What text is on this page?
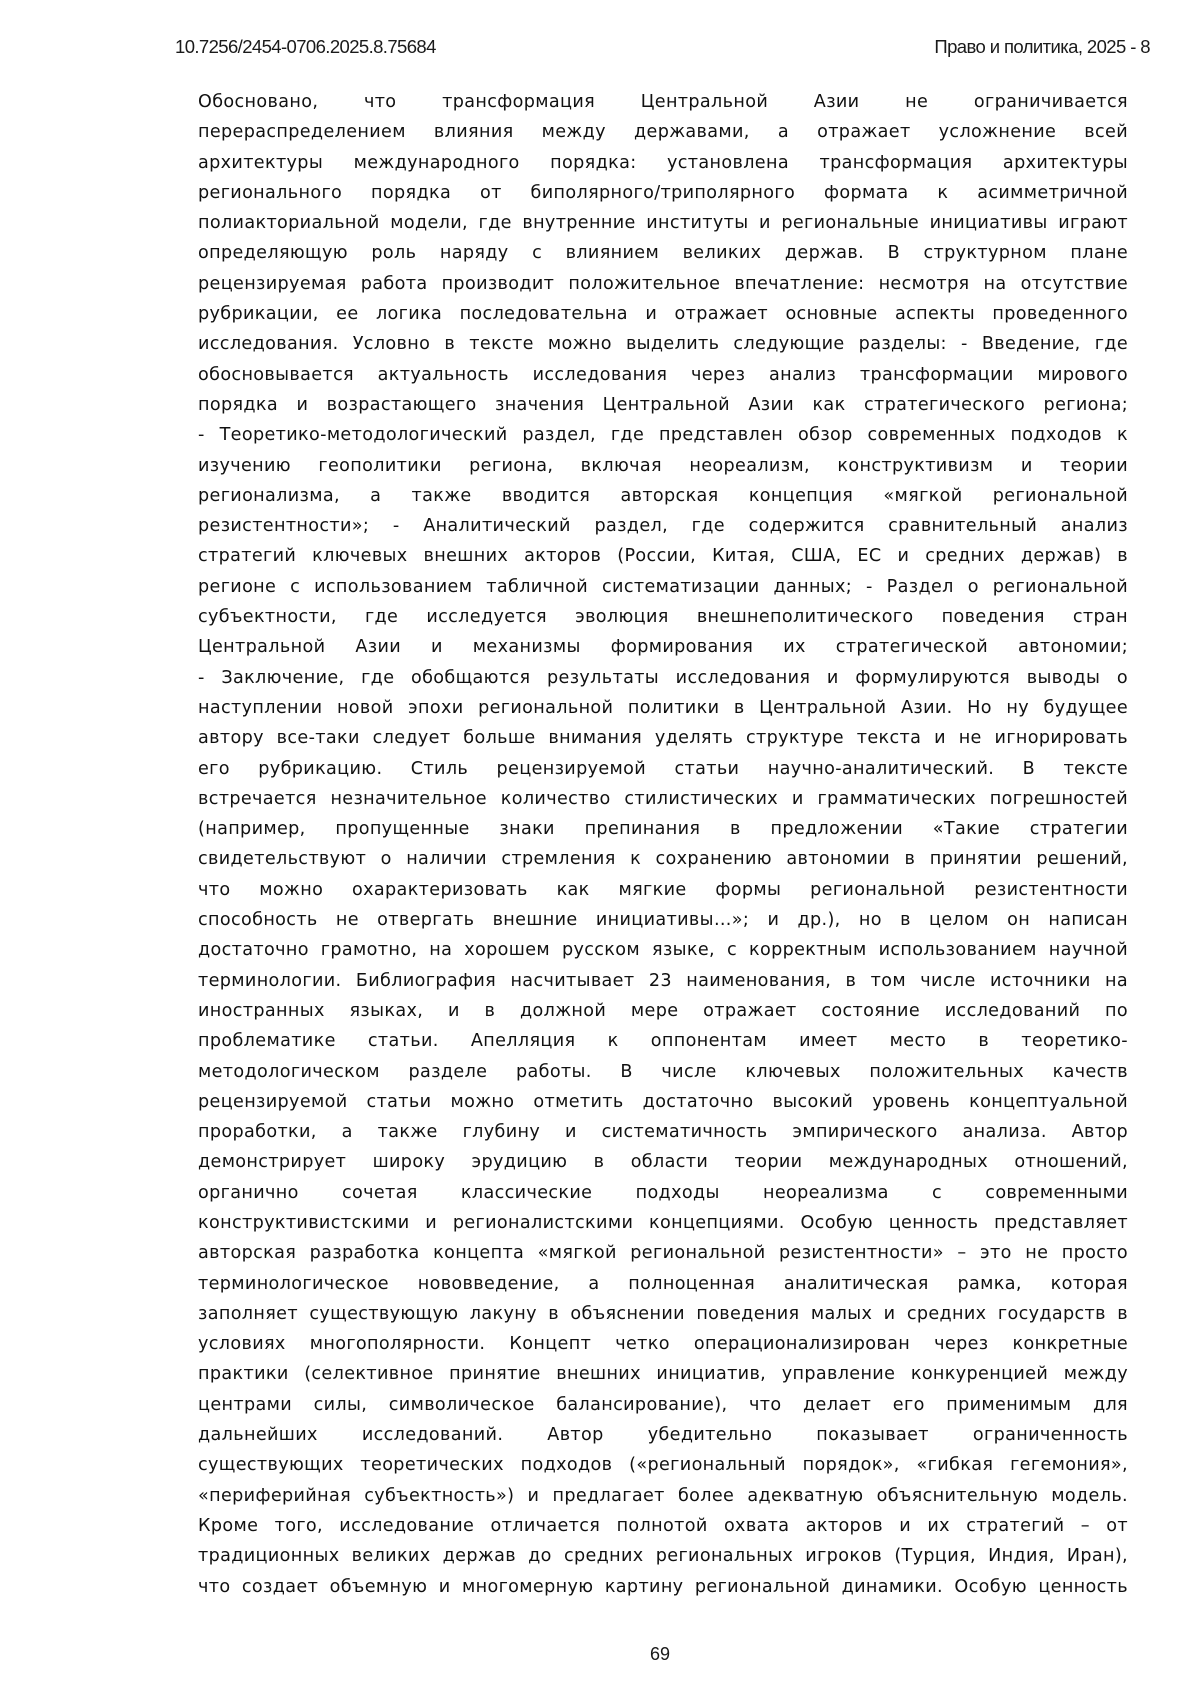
10.7256/2454-0706.2025.8.75684	Право и политика, 2025 - 8
Обосновано, что трансформация Центральной Азии не ограничивается
перераспределением влияния между державами, а отражает усложнение всей
архитектуры международного порядка: установлена трансформация архитектуры
регионального порядка от биполярного/триполярного формата к асимметричной
полиакториальной модели, где внутренние институты и региональные инициативы играют
определяющую роль наряду с влиянием великих держав. В структурном плане
рецензируемая работа производит положительное впечатление: несмотря на отсутствие
рубрикации, ее логика последовательна и отражает основные аспекты проведенного
исследования. Условно в тексте можно выделить следующие разделы: - Введение, где
обосновывается актуальность исследования через анализ трансформации мирового
порядка и возрастающего значения Центральной Азии как стратегического региона;
- Теоретико-методологический раздел, где представлен обзор современных подходов к
изучению геополитики региона, включая неореализм, конструктивизм и теории
регионализма, а также вводится авторская концепция «мягкой региональной
резистентности»; - Аналитический раздел, где содержится сравнительный анализ
стратегий ключевых внешних акторов (России, Китая, США, ЕС и средних держав) в
регионе с использованием табличной систематизации данных; - Раздел о региональной
субъектности, где исследуется эволюция внешнеполитического поведения стран
Центральной Азии и механизмы формирования их стратегической автономии;
- Заключение, где обобщаются результаты исследования и формулируются выводы о
наступлении новой эпохи региональной политики в Центральной Азии. Но ну будущее
автору все-таки следует больше внимания уделять структуре текста и не игнорировать
его рубрикацию. Стиль рецензируемой статьи научно-аналитический. В тексте
встречается незначительное количество стилистических и грамматических погрешностей
(например, пропущенные знаки препинания в предложении «Такие стратегии
свидетельствуют о наличии стремления к сохранению автономии в принятии решений,
что можно охарактеризовать как мягкие формы региональной резистентности
способность не отвергать внешние инициативы…»; и др.), но в целом он написан
достаточно грамотно, на хорошем русском языке, с корректным использованием научной
терминологии. Библиография насчитывает 23 наименования, в том числе источники на
иностранных языках, и в должной мере отражает состояние исследований по
проблематике статьи. Апелляция к оппонентам имеет место в теоретико-
методологическом разделе работы. В числе ключевых положительных качеств
рецензируемой статьи можно отметить достаточно высокий уровень концептуальной
проработки, а также глубину и систематичность эмпирического анализа. Автор
демонстрирует широку эрудицию в области теории международных отношений,
органично сочетая классические подходы неореализма с современными
конструктивистскими и регионалистскими концепциями. Особую ценность представляет
авторская разработка концепта «мягкой региональной резистентности» – это не просто
терминологическое нововведение, а полноценная аналитическая рамка, которая
заполняет существующую лакуну в объяснении поведения малых и средних государств в
условиях многополярности. Концепт четко операционализирован через конкретные
практики (селективное принятие внешних инициатив, управление конкуренцией между
центрами силы, символическое балансирование), что делает его применимым для
дальнейших исследований. Автор убедительно показывает ограниченность
существующих теоретических подходов («региональный порядок», «гибкая гегемония»,
«периферийная субъектность») и предлагает более адекватную объяснительную модель.
Кроме того, исследование отличается полнотой охвата акторов и их стратегий – от
традиционных великих держав до средних региональных игроков (Турция, Индия, Иран),
что создает объемную и многомерную картину региональной динамики. Особую ценность
69
